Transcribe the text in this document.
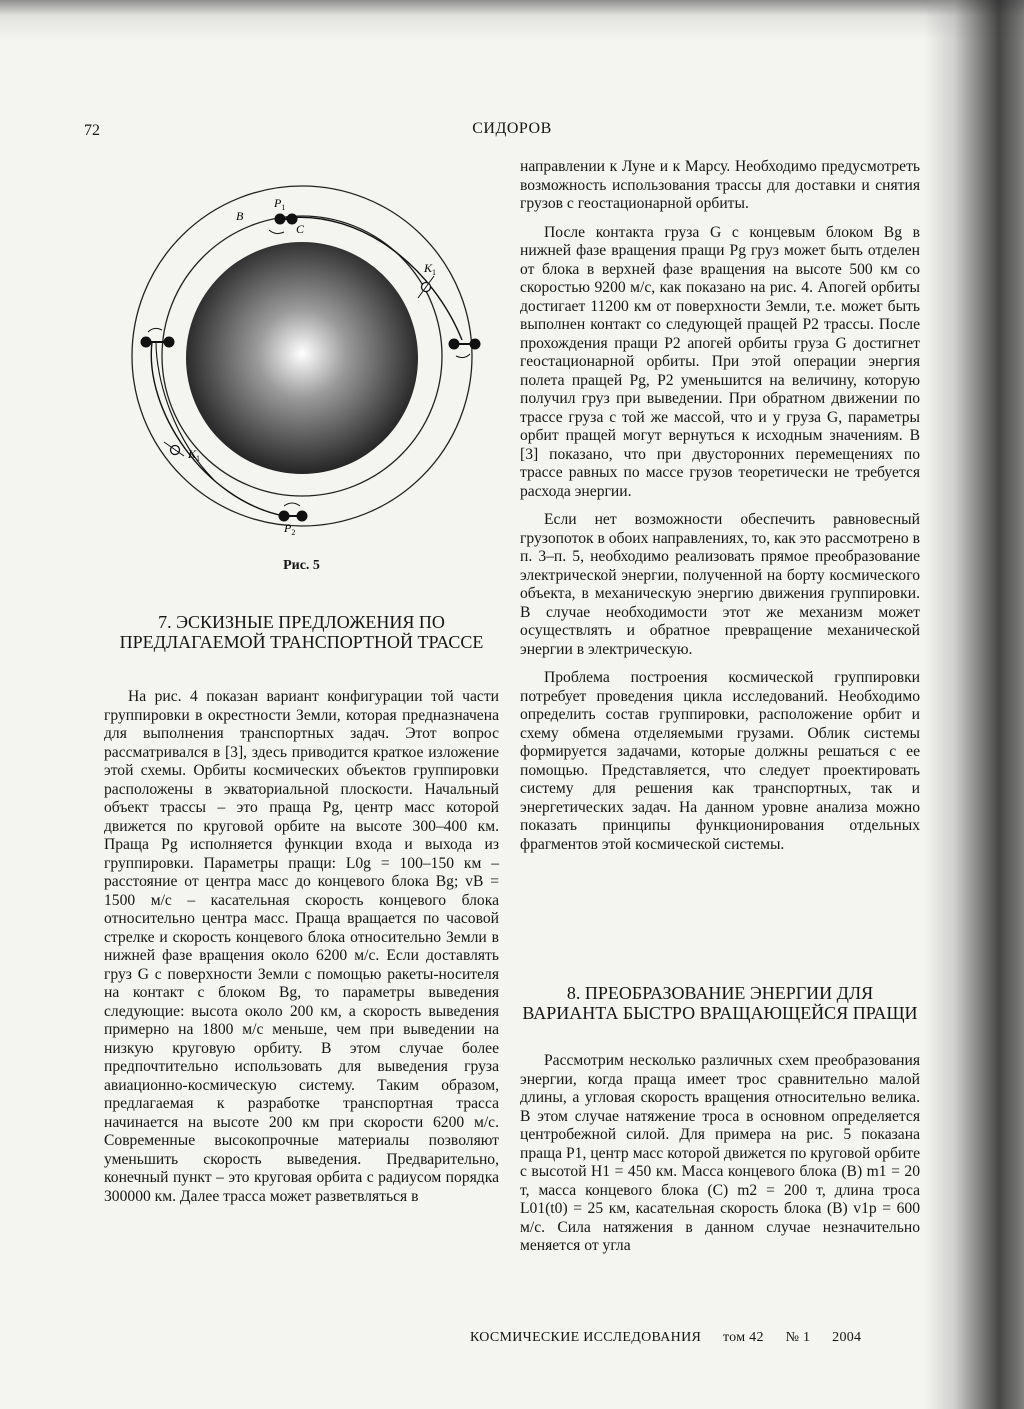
72	СИДОРОВ
B
$P_1$
C
$K_1$
$K_1$
$P_2$
Рис. 5
7. ЭСКИЗНЫЕ ПРЕДЛОЖЕНИЯ ПО ПРЕДЛАГАЕМОЙ ТРАНСПОРТНОЙ ТРАССЕ

На рис. 4 показан вариант конфигурации той части группировки в окрестности Земли, которая предназначена для выполнения транспортных задач. Этот вопрос рассматривался в [3], здесь приводится краткое изложение этой схемы. Орбиты космических объектов группировки расположены в экваториальной плоскости. Начальный объект трассы – это праща Pg, центр масс которой движется по круговой орбите на высоте 300–400 км. Праща Pg исполняется функции входа и выхода из группировки. Параметры пращи: L0g = 100–150 км – расстояние от центра масс до концевого блока Bg; vB = 1500 м/с – касательная скорость концевого блока относительно центра масс. Праща вращается по часовой стрелке и скорость концевого блока относительно Земли в нижней фазе вращения около 6200 м/с. Если доставлять груз G с поверхности Земли с помощью ракеты-носителя на контакт с блоком Bg, то параметры выведения следующие: высота около 200 км, а скорость выведения примерно на 1800 м/с меньше, чем при выведении на низкую круговую орбиту. В этом случае более предпочтительно использовать для выведения груза авиационно-космическую систему. Таким образом, предлагаемая к разработке транспортная трасса начинается на высоте 200 км при скорости 6200 м/с. Современные высокопрочные материалы позволяют уменьшить скорость выведения. Предварительно, конечный пункт – это круговая орбита с радиусом порядка 300000 км. Далее трасса может разветвляться в

направлении к Луне и к Марсу. Необходимо предусмотреть возможность использования трассы для доставки и снятия грузов с геостационарной орбиты.

После контакта груза G с концевым блоком Bg в нижней фазе вращения пращи Pg груз может быть отделен от блока в верхней фазе вращения на высоте 500 км со скоростью 9200 м/с, как показано на рис. 4. Апогей орбиты достигает 11200 км от поверхности Земли, т.е. может быть выполнен контакт со следующей пращей P2 трассы. После прохождения пращи P2 апогей орбиты груза G достигнет геостационарной орбиты. При этой операции энергия полета пращей Pg, P2 уменьшится на величину, которую получил груз при выведении. При обратном движении по трассе груза с той же массой, что и у груза G, параметры орбит пращей могут вернуться к исходным значениям. В [3] показано, что при двусторонних перемещениях по трассе равных по массе грузов теоретически не требуется расхода энергии.

Если нет возможности обеспечить равновесный грузопоток в обоих направлениях, то, как это рассмотрено в п. 3–п. 5, необходимо реализовать прямое преобразование электрической энергии, полученной на борту космического объекта, в механическую энергию движения группировки. В случае необходимости этот же механизм может осуществлять и обратное превращение механической энергии в электрическую.

Проблема построения космической группировки потребует проведения цикла исследований. Необходимо определить состав группировки, расположение орбит и схему обмена отделяемыми грузами. Облик системы формируется задачами, которые должны решаться с ее помощью. Представляется, что следует проектировать систему для решения как транспортных, так и энергетических задач. На данном уровне анализа можно показать принципы функционирования отдельных фрагментов этой космической системы.

8. ПРЕОБРАЗОВАНИЕ ЭНЕРГИИ ДЛЯ ВАРИАНТА БЫСТРО ВРАЩАЮЩЕЙСЯ ПРАЩИ

Рассмотрим несколько различных схем преобразования энергии, когда праща имеет трос сравнительно малой длины, а угловая скорость вращения относительно велика. В этом случае натяжение троса в основном определяется центробежной силой. Для примера на рис. 5 показана праща P1, центр масс которой движется по круговой орбите с высотой H1 = 450 км. Масса концевого блока (B) m1 = 20 т, масса концевого блока (C) m2 = 200 т, длина троса L01(t0) = 25 км, касательная скорость блока (B) v1p = 600 м/с. Сила натяжения в данном случае незначительно меняется от угла

КОСМИЧЕСКИЕ ИССЛЕДОВАНИЯ том 42 № 1 2004
